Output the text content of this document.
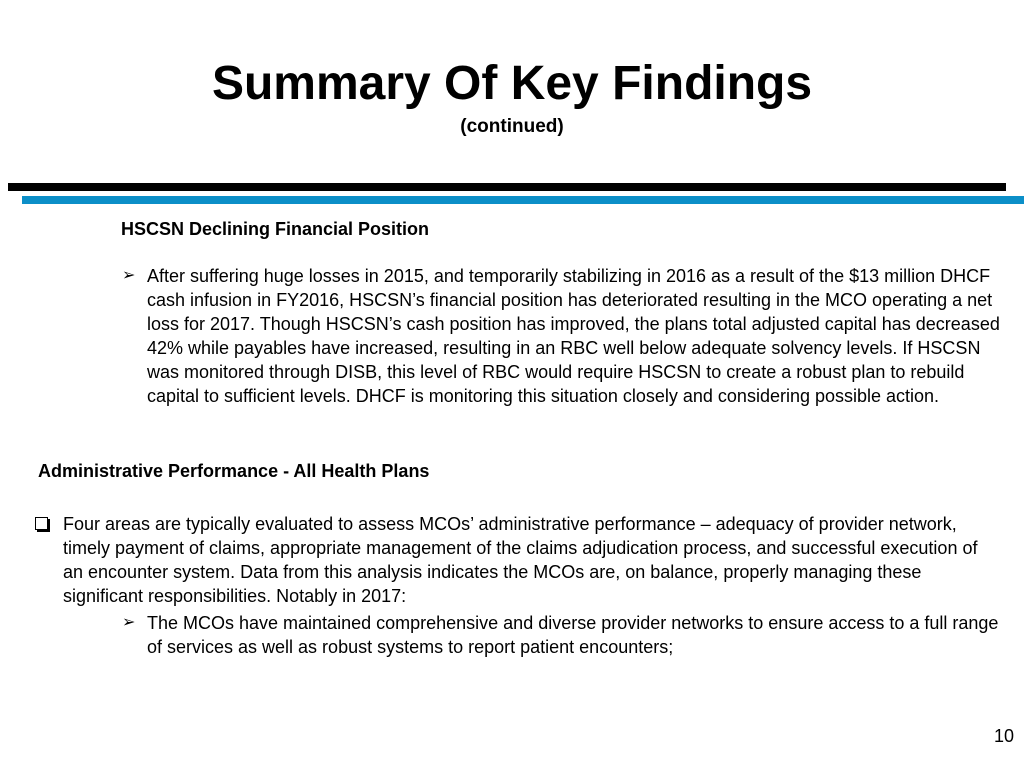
Summary Of Key Findings
(continued)
HSCSN Declining Financial Position
➢ After suffering huge losses in 2015, and temporarily stabilizing in 2016 as a result of the $13 million DHCF cash infusion in FY2016, HSCSN’s financial position has deteriorated resulting in the MCO operating a net loss for 2017. Though HSCSN’s cash position has improved, the plans total adjusted capital has decreased 42% while payables have increased, resulting in an RBC well below adequate solvency levels. If HSCSN was monitored through DISB, this level of RBC would require HSCSN to create a robust plan to rebuild capital to sufficient levels. DHCF is monitoring this situation closely and considering possible action.
Administrative Performance - All Health Plans
Four areas are typically evaluated to assess MCOs’ administrative performance – adequacy of provider network, timely payment of claims, appropriate management of the claims adjudication process, and successful execution of an encounter system. Data from this analysis indicates the MCOs are, on balance, properly managing these significant responsibilities. Notably in 2017:
➢ The MCOs have maintained comprehensive and diverse provider networks to ensure access to a full range of services as well as robust systems to report patient encounters;
10
